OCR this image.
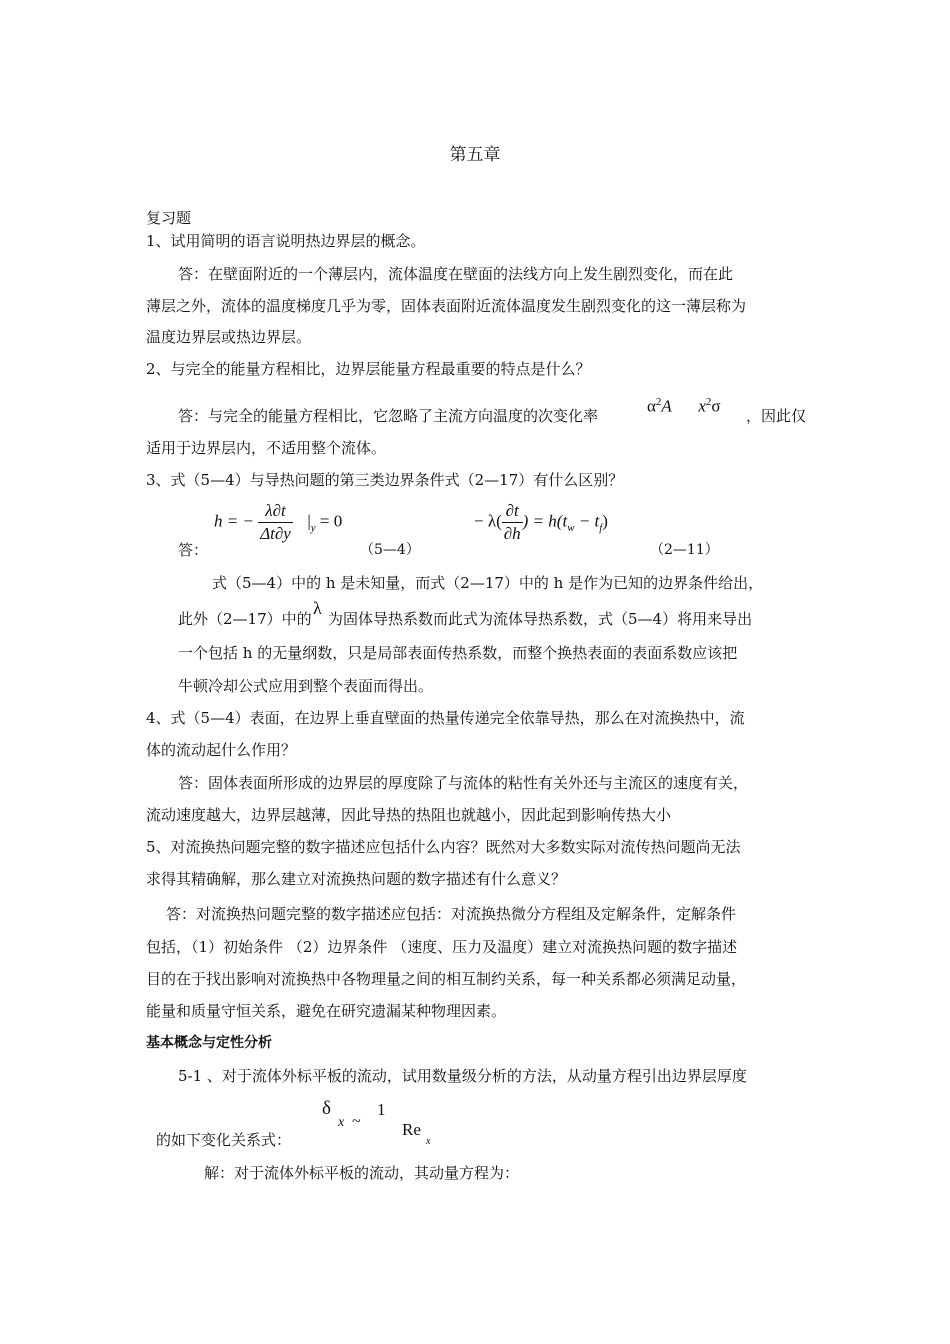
第五章
复习题
1、试用简明的语言说明热边界层的概念。
答：在壁面附近的一个薄层内，流体温度在壁面的法线方向上发生剧烈变化，而在此
薄层之外，流体的温度梯度几乎为零，固体表面附近流体温度发生剧烈变化的这一薄层称为
温度边界层或热边界层。
2、与完全的能量方程相比，边界层能量方程最重要的特点是什么？
答：与完全的能量方程相比，它忽略了主流方向温度的次变化率
$\alpha^2A$ $x^2\sigma$
，因此仅
适用于边界层内，不适用整个流体。
3、式（5—4）与导热问题的第三类边界条件式（2—17）有什么区别？
答：
h = − $\frac{\lambda\partial t}{\Delta t\partial y} |_y = 0$
（5—4）
− $\lambda( \frac{\partial t}{\partial h}$ ) = $h(t_w - t_f)$
（2—11）
式（5—4）中的 h 是未知量，而式（2—17）中的 h 是作为已知的边界条件给出，
此外（2—17）中的
λ
为固体导热系数而此式为流体导热系数，式（5—4）将用来导出
一个包括 h 的无量纲数，只是局部表面传热系数，而整个换热表面的表面系数应该把
牛顿冷却公式应用到整个表面而得出。
4、式（5—4）表面，在边界上垂直壁面的热量传递完全依靠导热，那么在对流换热中，流
体的流动起什么作用？
答：固体表面所形成的边界层的厚度除了与流体的粘性有关外还与主流区的速度有关，
流动速度越大，边界层越薄，因此导热的热阻也就越小，因此起到影响传热大小
5、对流换热问题完整的数字描述应包括什么内容？既然对大多数实际对流传热问题尚无法
求得其精确解，那么建立对流换热问题的数字描述有什么意义？
答：对流换热问题完整的数字描述应包括：对流换热微分方程组及定解条件，定解条件
包括，（1）初始条件 （2）边界条件 （速度、压力及温度）建立对流换热问题的数字描述
目的在于找出影响对流换热中各物理量之间的相互制约关系，每一种关系都必须满足动量，
能量和质量守恒关系，避免在研究遗漏某种物理因素。
基本概念与定性分析
5-1 、对于流体外标平板的流动，试用数量级分析的方法，从动量方程引出边界层厚度
δ
x ~
1
Re
x
的如下变化关系式：
解：对于流体外标平板的流动，其动量方程为：
